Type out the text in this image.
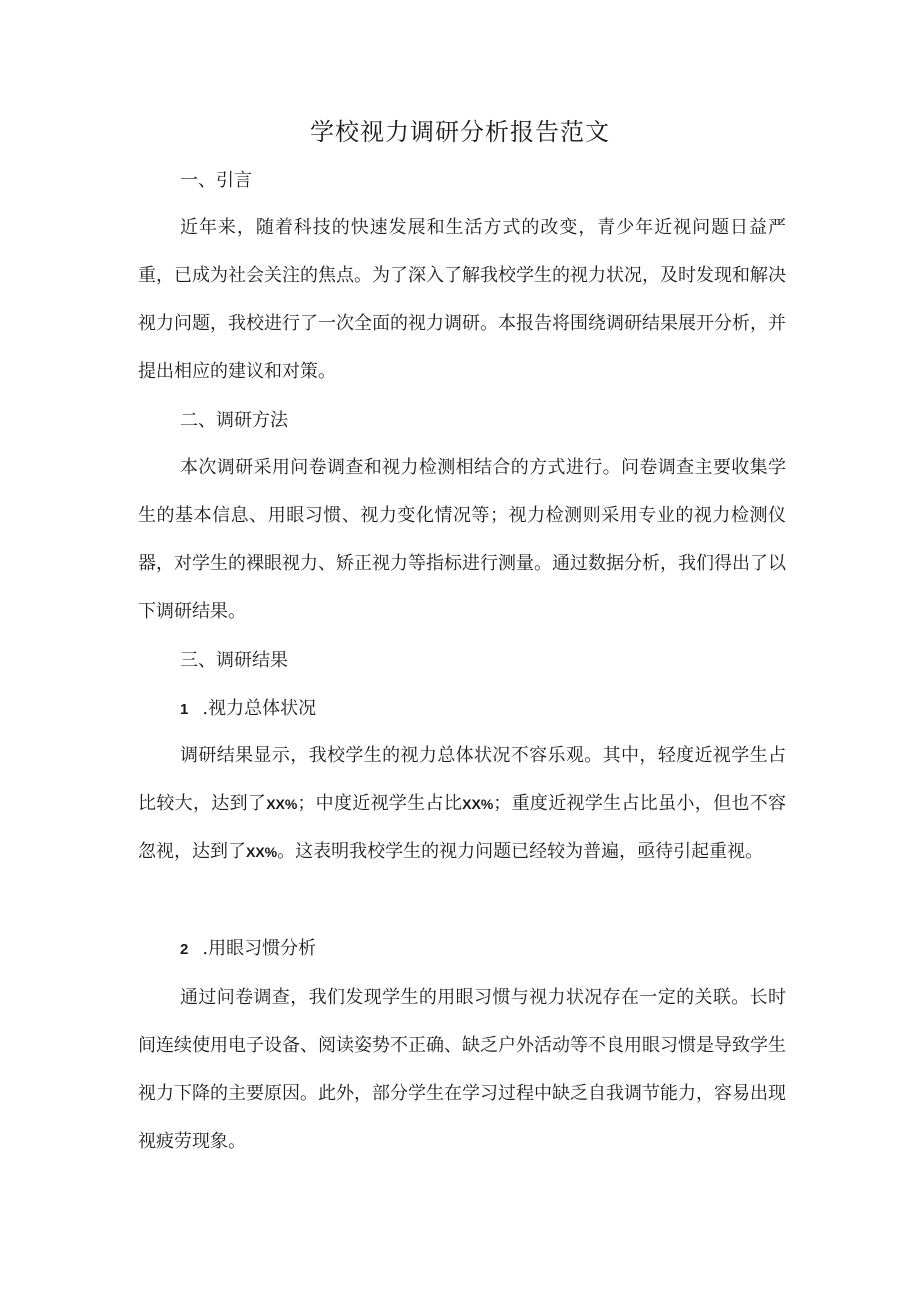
学校视力调研分析报告范文
一、引言

近年来，随着科技的快速发展和生活方式的改变，青少年近视问题日益严重，已成为社会关注的焦点。为了深入了解我校学生的视力状况，及时发现和解决视力问题，我校进行了一次全面的视力调研。本报告将围绕调研结果展开分析，并提出相应的建议和对策。

二、调研方法

本次调研采用问卷调查和视力检测相结合的方式进行。问卷调查主要收集学生的基本信息、用眼习惯、视力变化情况等；视力检测则采用专业的视力检测仪器，对学生的裸眼视力、矫正视力等指标进行测量。通过数据分析，我们得出了以下调研结果。

三、调研结果
1 .视力总体状况

调研结果显示，我校学生的视力总体状况不容乐观。其中，轻度近视学生占比较大，达到了XX%；中度近视学生占比XX%；重度近视学生占比虽小，但也不容忽视，达到了XX%。这表明我校学生的视力问题已经较为普遍，亟待引起重视。

2 .用眼习惯分析

通过问卷调查，我们发现学生的用眼习惯与视力状况存在一定的关联。长时间连续使用电子设备、阅读姿势不正确、缺乏户外活动等不良用眼习惯是导致学生视力下降的主要原因。此外，部分学生在学习过程中缺乏自我调节能力，容易出现视疲劳现象。
